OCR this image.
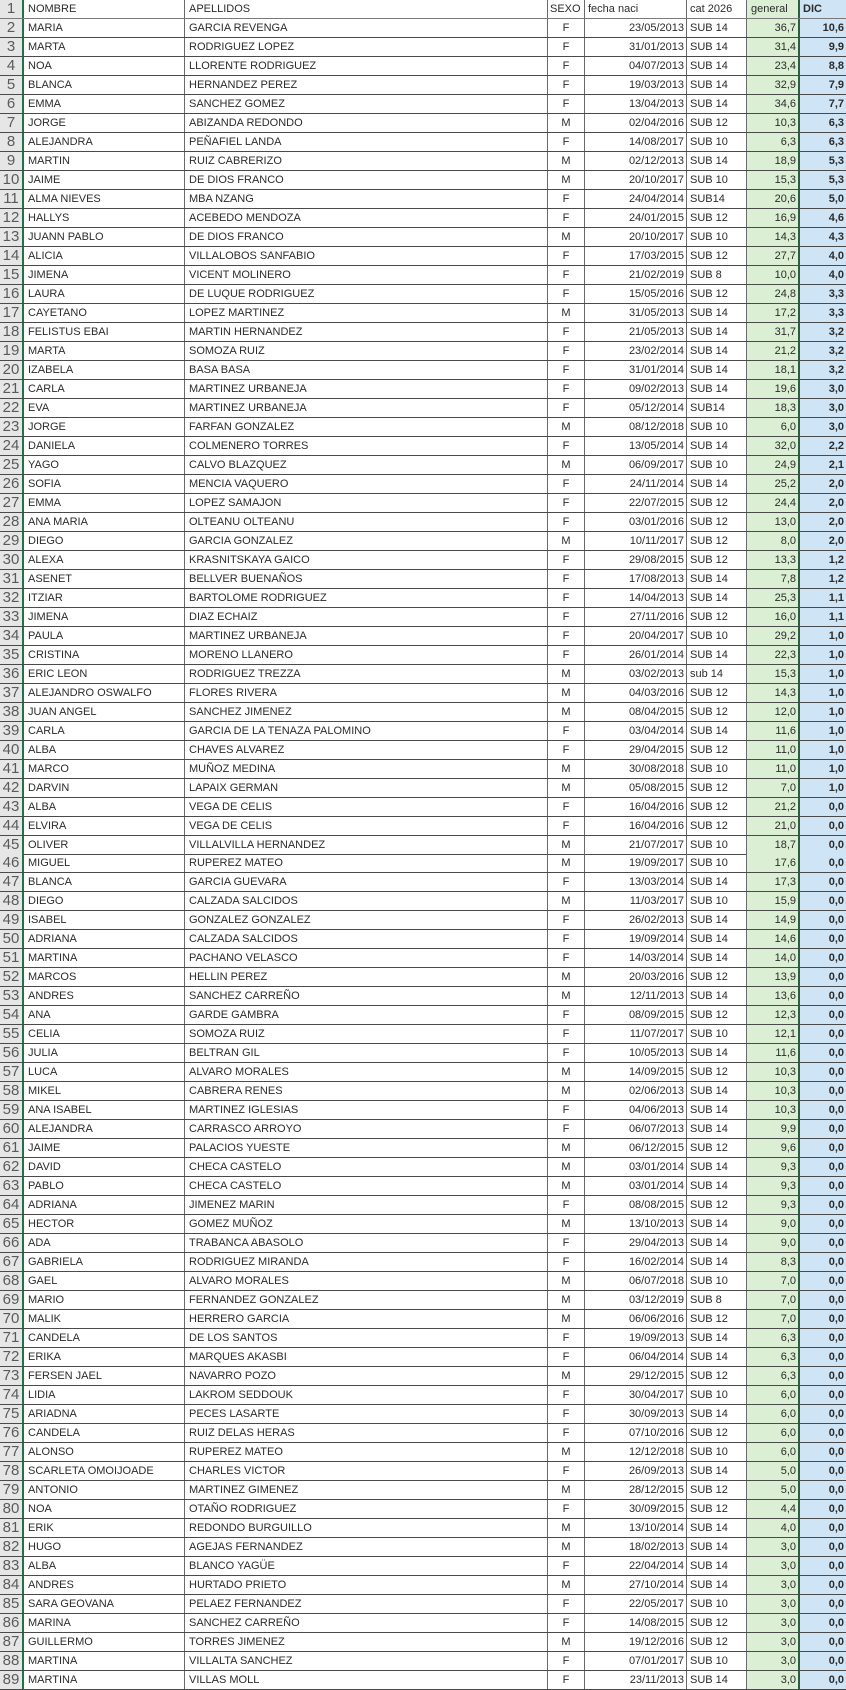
1	NOMBRE	APELLIDOS	SEXO fecha naci	cat 2026	general	DIC
2	MARIA	GARCIA REVENGA	F	23/05/2013 SUB 14	36,7	10,6
3	MARTA	RODRIGUEZ LOPEZ	F	31/01/2013 SUB 14	31,4	9,9
4	NOA	LLORENTE RODRIGUEZ	F	04/07/2013 SUB 14	23,4	8,8
5	BLANCA	HERNANDEZ PEREZ	F	19/03/2013 SUB 14	32,9	7,9
6	EMMA	SANCHEZ GOMEZ	F	13/04/2013 SUB 14	34,6	7,7
7	JORGE	ABIZANDA REDONDO	M	02/04/2016 SUB 12	10,3	6,3
8	ALEJANDRA	PEÑAFIEL LANDA	F	14/08/2017 SUB 10	6,3	6,3
9	MARTIN	RUIZ CABRERIZO	M	02/12/2013 SUB 14	18,9	5,3
10 JAIME	DE DIOS FRANCO	M	20/10/2017 SUB 10	15,3	5,3
11 ALMA NIEVES	MBA NZANG	F	24/04/2014 SUB14	20,6	5,0
12 HALLYS	ACEBEDO MENDOZA	F	24/01/2015 SUB 12	16,9	4,6
13 JUANN PABLO	DE DIOS FRANCO	M	20/10/2017 SUB 10	14,3	4,3
14 ALICIA	VILLALOBOS SANFABIO	F	17/03/2015 SUB 12	27,7	4,0
15 JIMENA	VICENT MOLINERO	F	21/02/2019 SUB 8	10,0	4,0
16 LAURA	DE LUQUE RODRIGUEZ	F	15/05/2016 SUB 12	24,8	3,3
17 CAYETANO	LOPEZ MARTINEZ	M	31/05/2013 SUB 14	17,2	3,3
18 FELISTUS EBAI	MARTIN HERNANDEZ	F	21/05/2013 SUB 14	31,7	3,2
19 MARTA	SOMOZA RUIZ	F	23/02/2014 SUB 14	21,2	3,2
20 IZABELA	BASA BASA	F	31/01/2014 SUB 14	18,1	3,2
21 CARLA	MARTINEZ URBANEJA	F	09/02/2013 SUB 14	19,6	3,0
22 EVA	MARTINEZ URBANEJA	F	05/12/2014 SUB14	18,3	3,0
23 JORGE	FARFAN GONZALEZ	M	08/12/2018 SUB 10	6,0	3,0
24 DANIELA	COLMENERO TORRES	F	13/05/2014 SUB 14	32,0	2,2
25 YAGO	CALVO BLAZQUEZ	M	06/09/2017 SUB 10	24,9	2,1
26 SOFIA	MENCIA VAQUERO	F	24/11/2014 SUB 14	25,2	2,0
27 EMMA	LOPEZ SAMAJON	F	22/07/2015 SUB 12	24,4	2,0
28 ANA MARIA	OLTEANU OLTEANU	F	03/01/2016 SUB 12	13,0	2,0
29 DIEGO	GARCIA GONZALEZ	M	10/11/2017 SUB 12	8,0	2,0
30 ALEXA	KRASNITSKAYA GAICO	F	29/08/2015 SUB 12	13,3	1,2
31 ASENET	BELLVER BUENAÑOS	F	17/08/2013 SUB 14	7,8	1,2
32 ITZIAR	BARTOLOME RODRIGUEZ	F	14/04/2013 SUB 14	25,3	1,1
33 JIMENA	DIAZ ECHAIZ	F	27/11/2016 SUB 12	16,0	1,1
34 PAULA	MARTINEZ URBANEJA	F	20/04/2017 SUB 10	29,2	1,0
35 CRISTINA	MORENO LLANERO	F	26/01/2014 SUB 14	22,3	1,0
36 ERIC LEON	RODRIGUEZ TREZZA	M	03/02/2013 sub 14	15,3	1,0
37 ALEJANDRO OSWALFO	FLORES RIVERA	M	04/03/2016 SUB 12	14,3	1,0
38 JUAN ANGEL	SANCHEZ JIMENEZ	M	08/04/2015 SUB 12	12,0	1,0
39 CARLA	GARCIA DE LA TENAZA PALOMINO	F	03/04/2014 SUB 14	11,6	1,0
40 ALBA	CHAVES ALVAREZ	F	29/04/2015 SUB 12	11,0	1,0
41 MARCO	MUÑOZ MEDINA	M	30/08/2018 SUB 10	11,0	1,0
42 DARVIN	LAPAIX GERMAN	M	05/08/2015 SUB 12	7,0	1,0
43 ALBA	VEGA DE CELIS	F	16/04/2016 SUB 12	21,2	0,0
44 ELVIRA	VEGA DE CELIS	F	16/04/2016 SUB 12	21,0	0,0
45 OLIVER	VILLALVILLA HERNANDEZ	M	21/07/2017 SUB 10	18,7	0,0
46 MIGUEL	RUPEREZ MATEO	M	19/09/2017 SUB 10	17,6	0,0
47 BLANCA	GARCIA GUEVARA	F	13/03/2014 SUB 14	17,3	0,0
48 DIEGO	CALZADA SALCIDOS	M	11/03/2017 SUB 10	15,9	0,0
49 ISABEL	GONZALEZ GONZALEZ	F	26/02/2013 SUB 14	14,9	0,0
50 ADRIANA	CALZADA SALCIDOS	F	19/09/2014 SUB 14	14,6	0,0
51 MARTINA	PACHANO VELASCO	F	14/03/2014 SUB 14	14,0	0,0
52 MARCOS	HELLIN PEREZ	M	20/03/2016 SUB 12	13,9	0,0
53 ANDRES	SANCHEZ CARREÑO	M	12/11/2013 SUB 14	13,6	0,0
54 ANA	GARDE GAMBRA	F	08/09/2015 SUB 12	12,3	0,0
55 CELIA	SOMOZA RUIZ	F	11/07/2017 SUB 10	12,1	0,0
56 JULIA	BELTRAN GIL	F	10/05/2013 SUB 14	11,6	0,0
57 LUCA	ALVARO MORALES	M	14/09/2015 SUB 12	10,3	0,0
58 MIKEL	CABRERA RENES	M	02/06/2013 SUB 14	10,3	0,0
59 ANA ISABEL	MARTINEZ IGLESIAS	F	04/06/2013 SUB 14	10,3	0,0
60 ALEJANDRA	CARRASCO ARROYO	F	06/07/2013 SUB 14	9,9	0,0
61 JAIME	PALACIOS YUESTE	M	06/12/2015 SUB 12	9,6	0,0
62 DAVID	CHECA CASTELO	M	03/01/2014 SUB 14	9,3	0,0
63 PABLO	CHECA CASTELO	M	03/01/2014 SUB 14	9,3	0,0
64 ADRIANA	JIMENEZ MARIN	F	08/08/2015 SUB 12	9,3	0,0
65 HECTOR	GOMEZ MUÑOZ	M	13/10/2013 SUB 14	9,0	0,0
66 ADA	TRABANCA ABASOLO	F	29/04/2013 SUB 14	9,0	0,0
67 GABRIELA	RODRIGUEZ MIRANDA	F	16/02/2014 SUB 14	8,3	0,0
68 GAEL	ALVARO MORALES	M	06/07/2018 SUB 10	7,0	0,0
69 MARIO	FERNANDEZ GONZALEZ	M	03/12/2019 SUB 8	7,0	0,0
70 MALIK	HERRERO GARCIA	M	06/06/2016 SUB 12	7,0	0,0
71 CANDELA	DE LOS SANTOS	F	19/09/2013 SUB 14	6,3	0,0
72 ERIKA	MARQUES AKASBI	F	06/04/2014 SUB 14	6,3	0,0
73 FERSEN JAEL	NAVARRO POZO	M	29/12/2015 SUB 12	6,3	0,0
74 LIDIA	LAKROM SEDDOUK	F	30/04/2017 SUB 10	6,0	0,0
75 ARIADNA	PECES LASARTE	F	30/09/2013 SUB 14	6,0	0,0
76 CANDELA	RUIZ DELAS HERAS	F	07/10/2016 SUB 12	6,0	0,0
77 ALONSO	RUPEREZ MATEO	M	12/12/2018 SUB 10	6,0	0,0
78 SCARLETA OMOIJOADE	CHARLES VICTOR	F	26/09/2013 SUB 14	5,0	0,0
79 ANTONIO	MARTINEZ GIMENEZ	M	28/12/2015 SUB 12	5,0	0,0
80 NOA	OTAÑO RODRIGUEZ	F	30/09/2015 SUB 12	4,4	0,0
81 ERIK	REDONDO BURGUILLO	M	13/10/2014 SUB 14	4,0	0,0
82 HUGO	AGEJAS FERNANDEZ	M	18/02/2013 SUB 14	3,0	0,0
83 ALBA	BLANCO YAGÜE	F	22/04/2014 SUB 14	3,0	0,0
84 ANDRES	HURTADO PRIETO	M	27/10/2014 SUB 14	3,0	0,0
85 SARA GEOVANA	PELAEZ FERNANDEZ	F	22/05/2017 SUB 10	3,0	0,0
86 MARINA	SANCHEZ CARREÑO	F	14/08/2015 SUB 12	3,0	0,0
87 GUILLERMO	TORRES JIMENEZ	M	19/12/2016 SUB 12	3,0	0,0
88 MARTINA	VILLALTA SANCHEZ	F	07/01/2017 SUB 10	3,0	0,0
89 MARTINA	VILLAS MOLL	F	23/11/2013 SUB 14	3,0	0,0
